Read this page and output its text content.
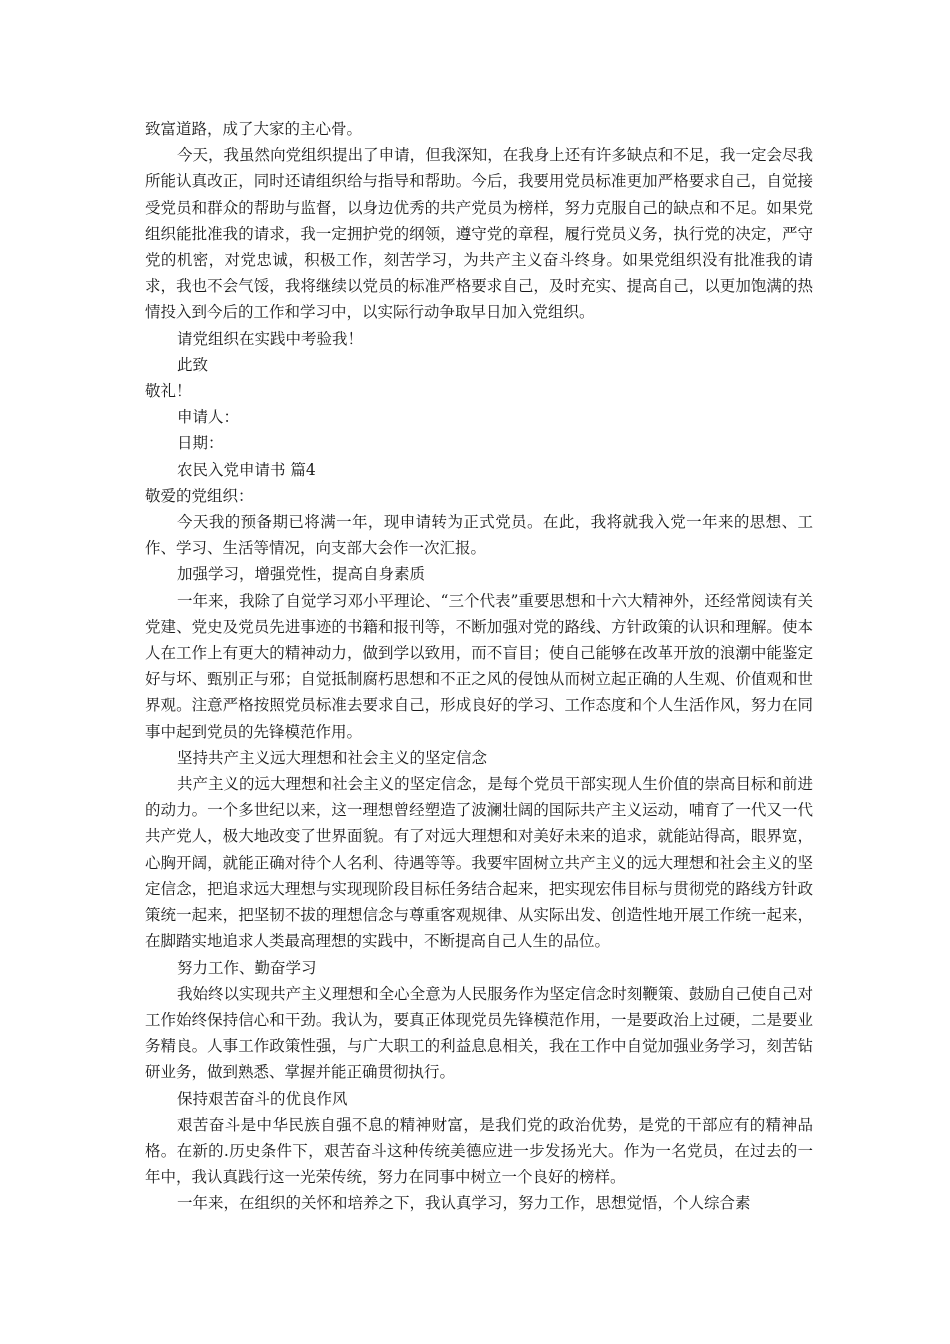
致富道路，成了大家的主心骨。

今天，我虽然向党组织提出了申请，但我深知，在我身上还有许多缺点和不足，我一定会尽我所能认真改正，同时还请组织给与指导和帮助。今后，我要用党员标准更加严格要求自己，自觉接受党员和群众的帮助与监督，以身边优秀的共产党员为榜样，努力克服自己的缺点和不足。如果党组织能批准我的请求，我一定拥护党的纲领，遵守党的章程，履行党员义务，执行党的决定，严守党的机密，对党忠诚，积极工作，刻苦学习，为共产主义奋斗终身。如果党组织没有批准我的请求，我也不会气馁，我将继续以党员的标准严格要求自己，及时充实、提高自己，以更加饱满的热情投入到今后的工作和学习中，以实际行动争取早日加入党组织。

请党组织在实践中考验我！

此致

敬礼！

申请人：

日期：

农民入党申请书 篇4

敬爱的党组织：

今天我的预备期已将满一年，现申请转为正式党员。在此，我将就我入党一年来的思想、工作、学习、生活等情况，向支部大会作一次汇报。

加强学习，增强党性，提高自身素质

一年来，我除了自觉学习邓小平理论、“三个代表”重要思想和十六大精神外，还经常阅读有关党建、党史及党员先进事迹的书籍和报刊等，不断加强对党的路线、方针政策的认识和理解。使本人在工作上有更大的精神动力，做到学以致用，而不盲目；使自己能够在改革开放的浪潮中能鉴定好与坏、甄别正与邪；自觉抵制腐朽思想和不正之风的侵蚀从而树立起正确的人生观、价值观和世界观。注意严格按照党员标准去要求自己，形成良好的学习、工作态度和个人生活作风，努力在同事中起到党员的先锋模范作用。

坚持共产主义远大理想和社会主义的坚定信念

共产主义的远大理想和社会主义的坚定信念，是每个党员干部实现人生价值的崇高目标和前进的动力。一个多世纪以来，这一理想曾经塑造了波澜壮阔的国际共产主义运动，哺育了一代又一代共产党人，极大地改变了世界面貌。有了对远大理想和对美好未来的追求，就能站得高，眼界宽，心胸开阔，就能正确对待个人名利、待遇等等。我要牢固树立共产主义的远大理想和社会主义的坚定信念，把追求远大理想与实现现阶段目标任务结合起来，把实现宏伟目标与贯彻党的路线方针政策统一起来，把坚韧不拔的理想信念与尊重客观规律、从实际出发、创造性地开展工作统一起来，在脚踏实地追求人类最高理想的实践中，不断提高自己人生的品位。

努力工作、勤奋学习

我始终以实现共产主义理想和全心全意为人民服务作为坚定信念时刻鞭策、鼓励自己使自己对工作始终保持信心和干劲。我认为，要真正体现党员先锋模范作用，一是要政治上过硬，二是要业务精良。人事工作政策性强，与广大职工的利益息息相关，我在工作中自觉加强业务学习，刻苦钻研业务，做到熟悉、掌握并能正确贯彻执行。

保持艰苦奋斗的优良作风

艰苦奋斗是中华民族自强不息的精神财富，是我们党的政治优势，是党的干部应有的精神品格。在新的.历史条件下，艰苦奋斗这种传统美德应进一步发扬光大。作为一名党员，在过去的一年中，我认真践行这一光荣传统，努力在同事中树立一个良好的榜样。

一年来，在组织的关怀和培养之下，我认真学习，努力工作，思想觉悟，个人综合素
